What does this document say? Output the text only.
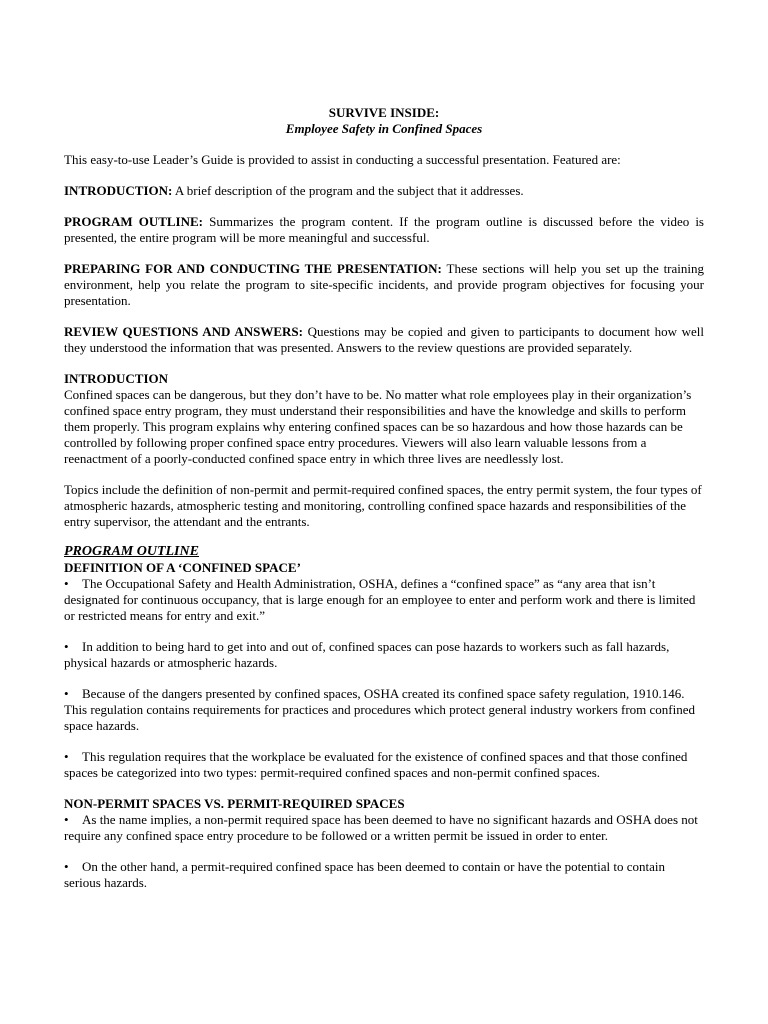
SURVIVE INSIDE:

Employee Safety in Confined Spaces

This easy-to-use Leader’s Guide is provided to assist in conducting a successful presentation. Featured are:

INTRODUCTION: A brief description of the program and the subject that it addresses.

PROGRAM OUTLINE: Summarizes the program content. If the program outline is discussed before the video is presented, the entire program will be more meaningful and successful.

PREPARING FOR AND CONDUCTING THE PRESENTATION: These sections will help you set up the training environment, help you relate the program to site-specific incidents, and provide program objectives for focusing your presentation.

REVIEW QUESTIONS AND ANSWERS: Questions may be copied and given to participants to document how well they understood the information that was presented. Answers to the review questions are provided separately.

INTRODUCTION

Confined spaces can be dangerous, but they don’t have to be. No matter what role employees play in their organization’s confined space entry program, they must understand their responsibilities and have the knowledge and skills to perform them properly. This program explains why entering confined spaces can be so hazardous and how those hazards can be controlled by following proper confined space entry procedures. Viewers will also learn valuable lessons from a reenactment of a poorly-conducted confined space entry in which three lives are needlessly lost.

Topics include the definition of non-permit and permit-required confined spaces, the entry permit system, the four types of atmospheric hazards, atmospheric testing and monitoring, controlling confined space hazards and responsibilities of the entry supervisor, the attendant and the entrants.

PROGRAM OUTLINE

DEFINITION OF A ‘CONFINED SPACE’

• The Occupational Safety and Health Administration, OSHA, defines a “confined space” as “any area that isn’t designated for continuous occupancy, that is large enough for an employee to enter and perform work and there is limited or restricted means for entry and exit.”

• In addition to being hard to get into and out of, confined spaces can pose hazards to workers such as fall hazards, physical hazards or atmospheric hazards.

• Because of the dangers presented by confined spaces, OSHA created its confined space safety regulation, 1910.146. This regulation contains requirements for practices and procedures which protect general industry workers from confined space hazards.

• This regulation requires that the workplace be evaluated for the existence of confined spaces and that those confined spaces be categorized into two types: permit-required confined spaces and non-permit confined spaces.

NON-PERMIT SPACES VS. PERMIT-REQUIRED SPACES

• As the name implies, a non-permit required space has been deemed to have no significant hazards and OSHA does not require any confined space entry procedure to be followed or a written permit be issued in order to enter.

• On the other hand, a permit-required confined space has been deemed to contain or have the potential to contain serious hazards.
